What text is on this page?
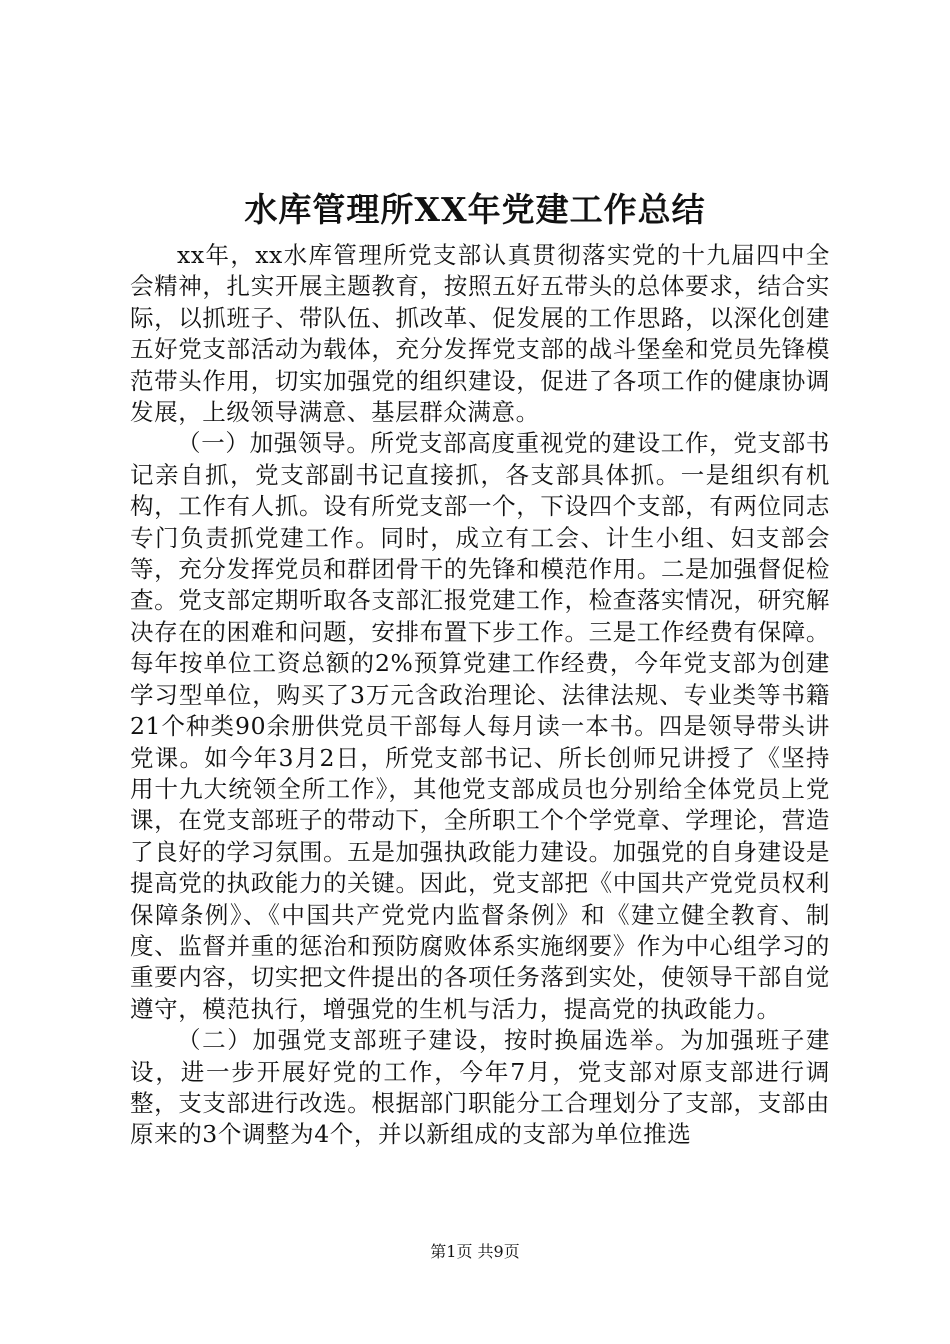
水库管理所XX年党建工作总结

xx年，xx水库管理所党支部认真贯彻落实党的十九届四中全会精神，扎实开展主题教育，按照五好五带头的总体要求，结合实际，以抓班子、带队伍、抓改革、促发展的工作思路，以深化创建五好党支部活动为载体，充分发挥党支部的战斗堡垒和党员先锋模范带头作用，切实加强党的组织建设，促进了各项工作的健康协调发展，上级领导满意、基层群众满意。

（一）加强领导。所党支部高度重视党的建设工作，党支部书记亲自抓，党支部副书记直接抓，各支部具体抓。一是组织有机构，工作有人抓。设有所党支部一个，下设四个支部，有两位同志专门负责抓党建工作。同时，成立有工会、计生小组、妇支部会等，充分发挥党员和群团骨干的先锋和模范作用。二是加强督促检查。党支部定期听取各支部汇报党建工作，检查落实情况，研究解决存在的困难和问题，安排布置下步工作。三是工作经费有保障。每年按单位工资总额的2%预算党建工作经费，今年党支部为创建学习型单位，购买了3万元含政治理论、法律法规、专业类等书籍21个种类90余册供党员干部每人每月读一本书。四是领导带头讲党课。如今年3月2日，所党支部书记、所长创师兄讲授了《坚持用十九大统领全所工作》，其他党支部成员也分别给全体党员上党课，在党支部班子的带动下，全所职工个个学党章、学理论，营造了良好的学习氛围。五是加强执政能力建设。加强党的自身建设是提高党的执政能力的关键。因此，党支部把《中国共产党党员权利保障条例》、《中国共产党党内监督条例》和《建立健全教育、制度、监督并重的惩治和预防腐败体系实施纲要》作为中心组学习的重要内容，切实把文件提出的各项任务落到实处，使领导干部自觉遵守，模范执行，增强党的生机与活力，提高党的执政能力。

（二）加强党支部班子建设，按时换届选举。为加强班子建设，进一步开展好党的工作，今年7月，党支部对原支部进行调整，支支部进行改选。根据部门职能分工合理划分了支部，支部由原来的3个调整为4个，并以新组成的支部为单位推选

第1页 共9页
